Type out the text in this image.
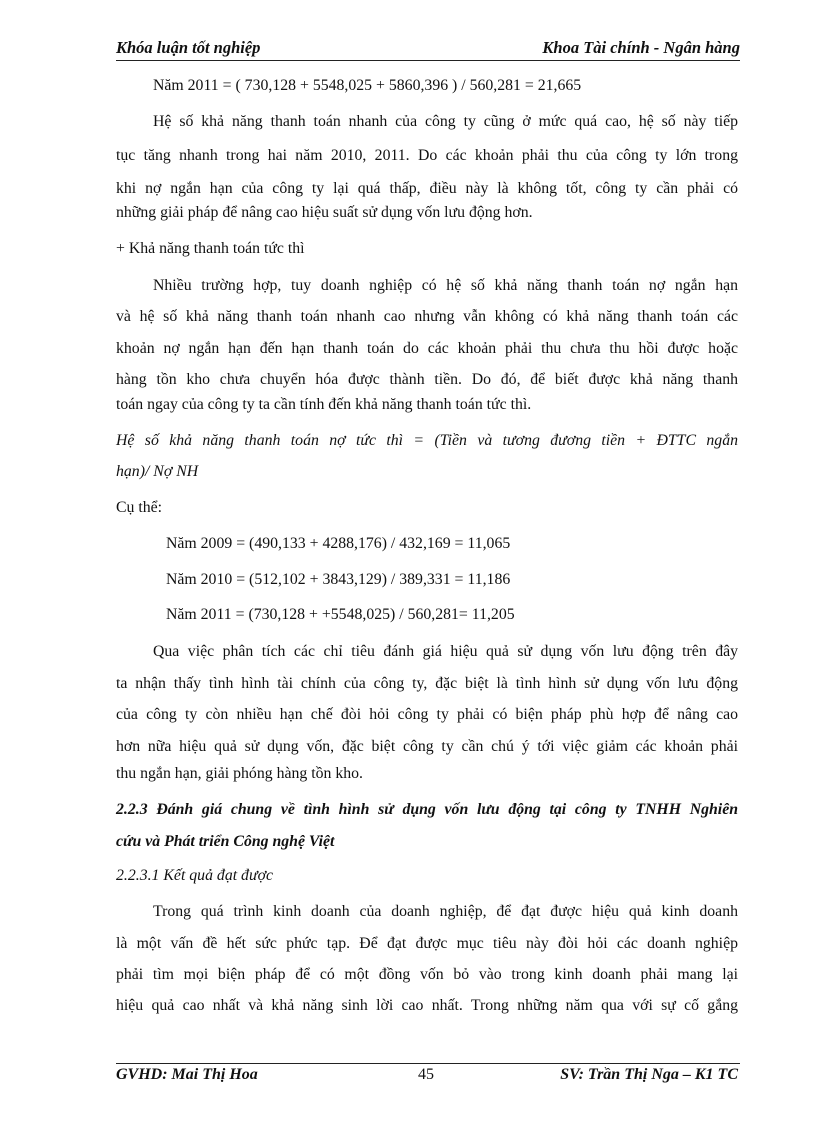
Khóa luận tốt nghiệp	Khoa Tài chính - Ngân hàng
Năm 2011 = ( 730,128 + 5548,025 + 5860,396 ) / 560,281 = 21,665
Hệ số khả năng thanh toán nhanh của công ty cũng ở mức quá cao, hệ số này tiếp
tục tăng nhanh trong hai năm 2010, 2011. Do các khoản phải thu của công ty lớn trong
khi nợ ngắn hạn của công ty lại quá thấp, điều này là không tốt, công ty cần phải có
những giải pháp để nâng cao hiệu suất sử dụng vốn lưu động hơn.
+ Khả năng thanh toán tức thì
Nhiều trường hợp, tuy doanh nghiệp có hệ số khả năng thanh toán nợ ngắn hạn
và hệ số khả năng thanh toán nhanh cao nhưng vẫn không có khả năng thanh toán các
khoản nợ ngắn hạn đến hạn thanh toán do các khoản phải thu chưa thu hồi được hoặc
hàng tồn kho chưa chuyển hóa được thành tiền. Do đó, để biết được khả năng thanh
toán ngay của công ty ta cần tính đến khả năng thanh toán tức thì.
Hệ số khả năng thanh toán nợ tức thì = (Tiền và tương đương tiền + ĐTTC ngắn
hạn)/ Nợ NH
Cụ thể:
Năm 2009 = (490,133 + 4288,176) / 432,169 = 11,065
Năm 2010 = (512,102 + 3843,129) / 389,331 = 11,186
Năm 2011 = (730,128 + +5548,025) / 560,281= 11,205
Qua việc phân tích các chỉ tiêu đánh giá hiệu quả sử dụng vốn lưu động trên đây
ta nhận thấy tình hình tài chính của công ty, đặc biệt là tình hình sử dụng vốn lưu động
của công ty còn nhiều hạn chế đòi hỏi công ty phải có biện pháp phù hợp để nâng cao
hơn nữa hiệu quả sử dụng vốn, đặc biệt công ty cần chú ý tới việc giảm các khoản phải
thu ngắn hạn, giải phóng hàng tồn kho.
2.2.3 Đánh giá chung về tình hình sử dụng vốn lưu động tại công ty TNHH Nghiên
cứu và Phát triển Công nghệ Việt
2.2.3.1 Kết quả đạt được
Trong quá trình kinh doanh của doanh nghiệp, để đạt được hiệu quả kinh doanh
là một vấn đề hết sức phức tạp. Để đạt được mục tiêu này đòi hỏi các doanh nghiệp
phải tìm mọi biện pháp để có một đồng vốn bỏ vào trong kinh doanh phải mang lại
hiệu quả cao nhất và khả năng sinh lời cao nhất. Trong những năm qua với sự cố gắng
GVHD: Mai Thị Hoa	45	SV: Trần Thị Nga – K1 TC
